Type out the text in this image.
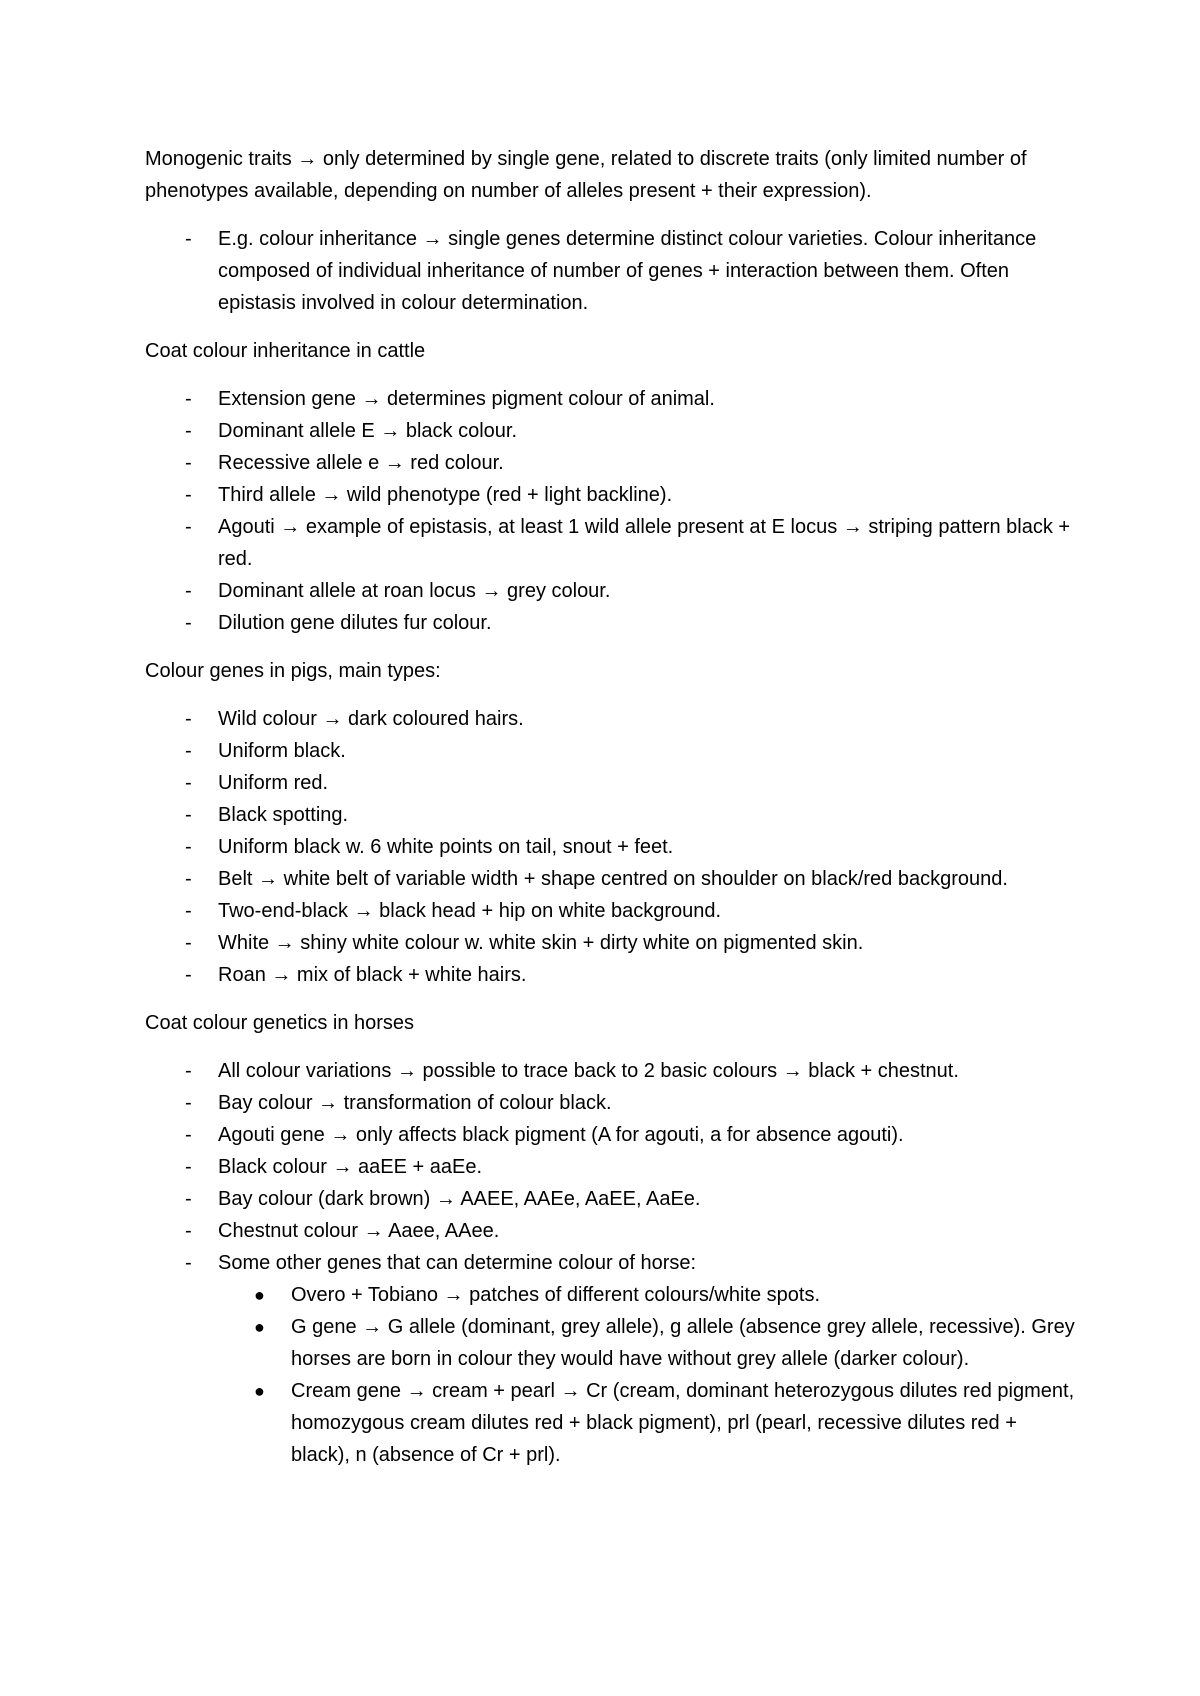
Monogenic traits → only determined by single gene, related to discrete traits (only limited number of phenotypes available, depending on number of alleles present + their expression).

- E.g. colour inheritance → single genes determine distinct colour varieties. Colour inheritance composed of individual inheritance of number of genes + interaction between them. Often epistasis involved in colour determination.

Coat colour inheritance in cattle

- Extension gene → determines pigment colour of animal.
- Dominant allele E → black colour.
- Recessive allele e → red colour.
- Third allele → wild phenotype (red + light backline).
- Agouti → example of epistasis, at least 1 wild allele present at E locus → striping pattern black + red.
- Dominant allele at roan locus → grey colour.
- Dilution gene dilutes fur colour.

Colour genes in pigs, main types:

- Wild colour → dark coloured hairs.
- Uniform black.
- Uniform red.
- Black spotting.
- Uniform black w. 6 white points on tail, snout + feet.
- Belt → white belt of variable width + shape centred on shoulder on black/red background.
- Two-end-black → black head + hip on white background.
- White → shiny white colour w. white skin + dirty white on pigmented skin.
- Roan → mix of black + white hairs.

Coat colour genetics in horses

- All colour variations → possible to trace back to 2 basic colours → black + chestnut.
- Bay colour → transformation of colour black.
- Agouti gene → only affects black pigment (A for agouti, a for absence agouti).
- Black colour → aaEE + aaEe.
- Bay colour (dark brown) → AAEE, AAEe, AaEE, AaEe.
- Chestnut colour → Aaee, AAee.
- Some other genes that can determine colour of horse:
● Overo + Tobiano → patches of different colours/white spots.
● G gene → G allele (dominant, grey allele), g allele (absence grey allele, recessive). Grey horses are born in colour they would have without grey allele (darker colour).
● Cream gene → cream + pearl → Cr (cream, dominant heterozygous dilutes red pigment, homozygous cream dilutes red + black pigment), prl (pearl, recessive dilutes red + black), n (absence of Cr + prl).
